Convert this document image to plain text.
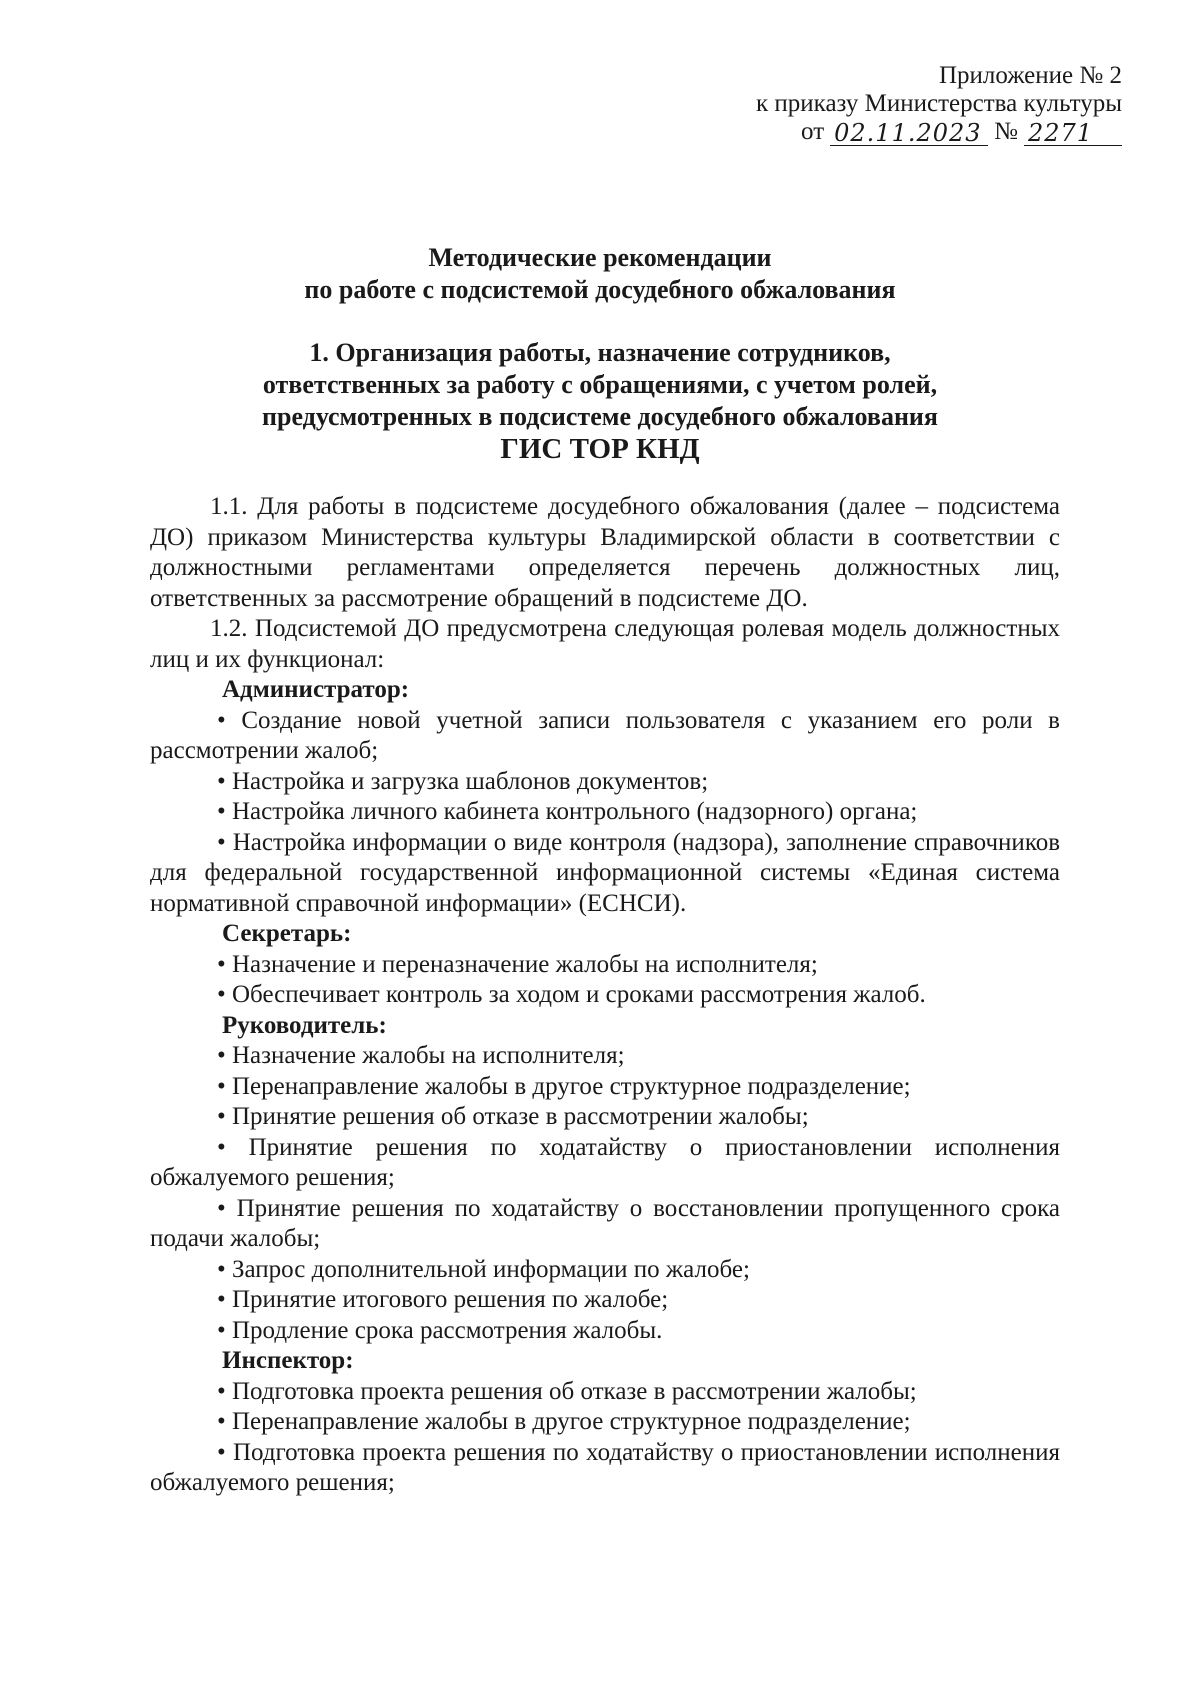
Приложение № 2
к приказу Министерства культуры
от 02.11.2023 № 2271
Методические рекомендации
по работе с подсистемой досудебного обжалования
1. Организация работы, назначение сотрудников,
ответственных за работу с обращениями, с учетом ролей,
предусмотренных в подсистеме досудебного обжалования
ГИС ТОР КНД

1.1. Для работы в подсистеме досудебного обжалования (далее – подсистема ДО) приказом Министерства культуры Владимирской области в соответствии с должностными регламентами определяется перечень должностных лиц, ответственных за рассмотрение обращений в подсистеме ДО.

1.2. Подсистемой ДО предусмотрена следующая ролевая модель должностных лиц и их функционал:

Администратор:

• Создание новой учетной записи пользователя с указанием его роли в рассмотрении жалоб;

• Настройка и загрузка шаблонов документов;

• Настройка личного кабинета контрольного (надзорного) органа;

• Настройка информации о виде контроля (надзора), заполнение справочников для федеральной государственной информационной системы «Единая система нормативной справочной информации» (ЕСНСИ).

Секретарь:

• Назначение и переназначение жалобы на исполнителя;

• Обеспечивает контроль за ходом и сроками рассмотрения жалоб.

Руководитель:

• Назначение жалобы на исполнителя;

• Перенаправление жалобы в другое структурное подразделение;

• Принятие решения об отказе в рассмотрении жалобы;

• Принятие решения по ходатайству о приостановлении исполнения обжалуемого решения;

• Принятие решения по ходатайству о восстановлении пропущенного срока подачи жалобы;

• Запрос дополнительной информации по жалобе;

• Принятие итогового решения по жалобе;

• Продление срока рассмотрения жалобы.

Инспектор:

• Подготовка проекта решения об отказе в рассмотрении жалобы;

• Перенаправление жалобы в другое структурное подразделение;

• Подготовка проекта решения по ходатайству о приостановлении исполнения обжалуемого решения;
